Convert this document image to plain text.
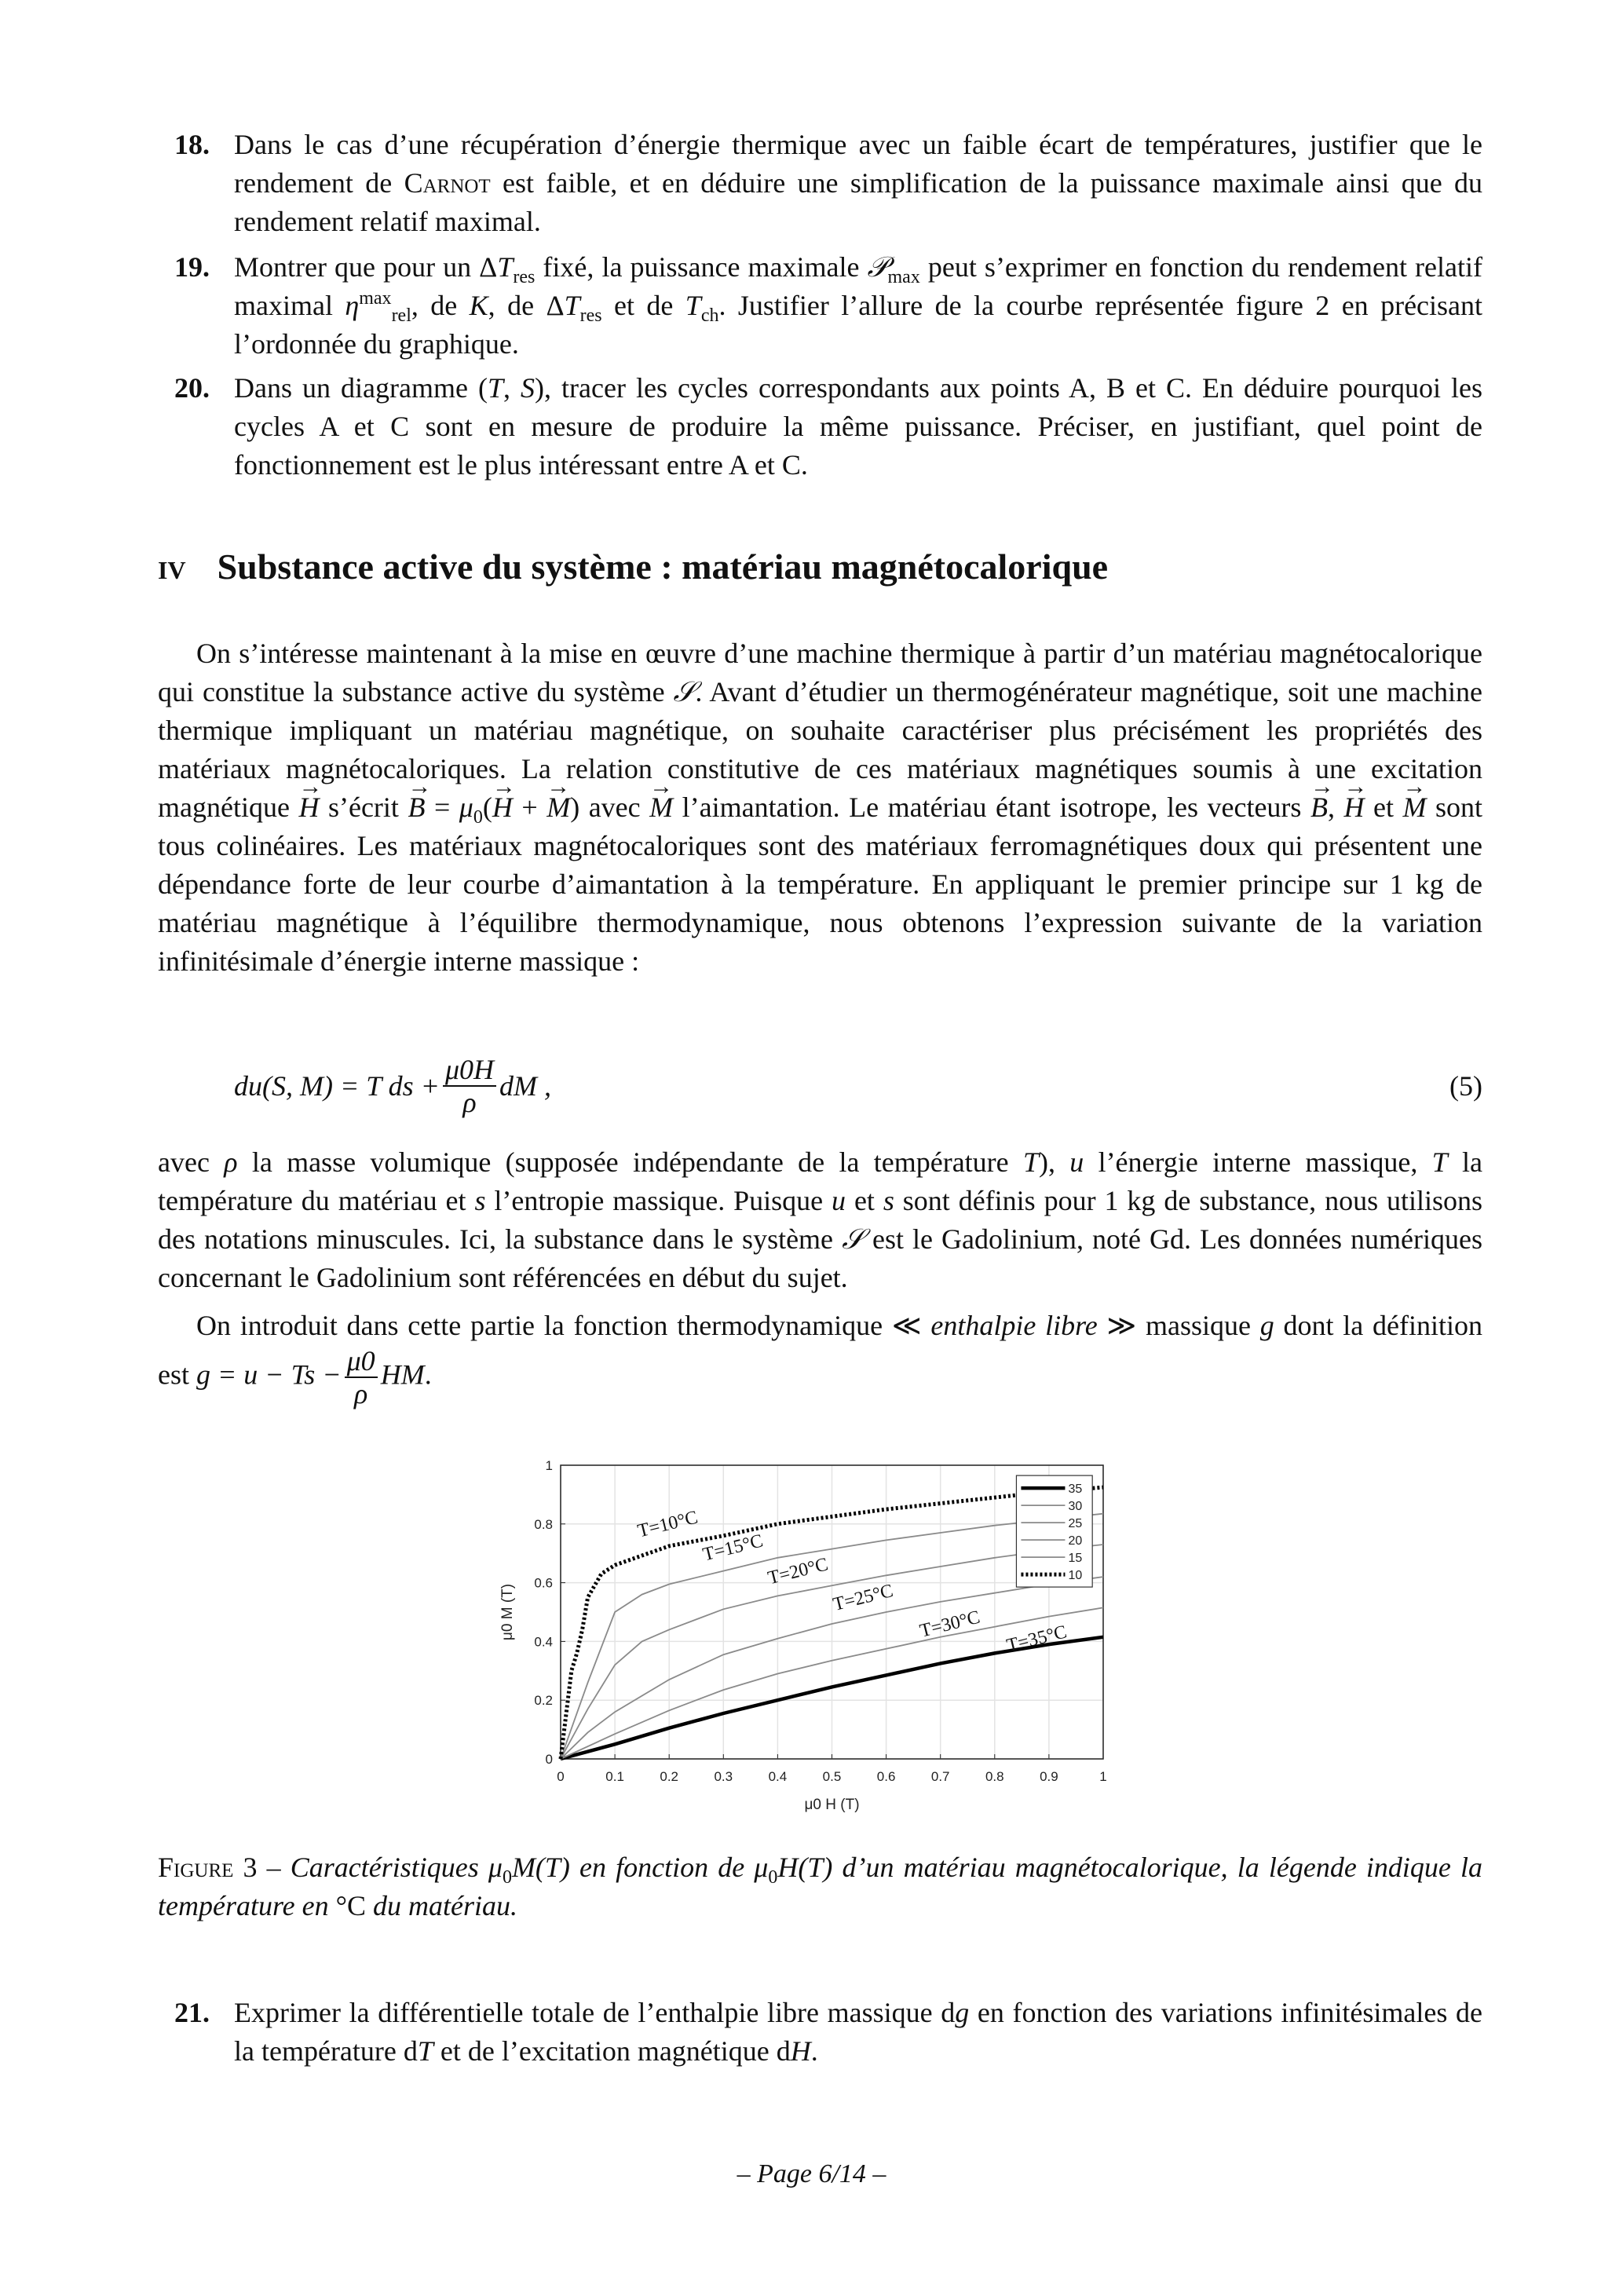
18. Dans le cas d’une récupération d’énergie thermique avec un faible écart de températures, justifier que le rendement de Carnot est faible, et en déduire une simplification de la puissance maximale ainsi que du rendement relatif maximal.
19. Montrer que pour un $\Delta T_{res}$ fixé, la puissance maximale 𝒫$_{max}$ peut s’exprimer en fonction du rendement relatif maximal $\eta^{max}_{rel}$, de K, de $\Delta T_{res}$ et de $T_{ch}$. Justifier l’allure de la courbe représentée figure 2 en précisant l’ordonnée du graphique.
20. Dans un diagramme (T, S), tracer les cycles correspondants aux points A, B et C. En déduire pourquoi les cycles A et C sont en mesure de produire la même puissance. Préciser, en justifiant, quel point de fonctionnement est le plus intéressant entre A et C.
iv Substance active du système : matériau magnétocalorique
On s’intéresse maintenant à la mise en œuvre d’une machine thermique à partir d’un matériau magnétocalorique qui constitue la substance active du système 𝒮. Avant d’étudier un thermogénérateur magnétique, soit une machine thermique impliquant un matériau magnétique, on souhaite caractériser plus précisément les propriétés des matériaux magnétocaloriques. La relation constitutive de ces matériaux magnétiques soumis à une excitation magnétique → H s’écrit → $B = \mu_0(\to H$ + → M) avec → M l’aimantation. Le matériau étant isotrope, les vecteurs → B, → H et → M sont tous colinéaires. Les matériaux magnétocaloriques sont des matériaux ferromagnétiques doux qui présentent une dépendance forte de leur courbe d’aimantation à la température. En appliquant le premier principe sur 1 kg de matériau magnétique à l’équilibre thermodynamique, nous obtenons l’expression suivante de la variation infinitésimale d’énergie interne massique :
du(S, M) = T ds + $\frac{\mu 0H}{\rho}$ dM ,	(5)
avec ρ la masse volumique (supposée indépendante de la température T), u l’énergie interne massique, T la température du matériau et s l’entropie massique. Puisque u et s sont définis pour 1 kg de substance, nous utilisons des notations minuscules. Ici, la substance dans le système 𝒮 est le Gadolinium, noté Gd. Les données numériques concernant le Gadolinium sont référencées en début du sujet.
On introduit dans cette partie la fonction thermodynamique ≪ enthalpie libre ≫ massique g dont la définition est $g = u - Ts - \frac{\mu 0}{\rho}$ HM.
0	0.1	0.2	0.3	0.4	0.5	0.6	0.7	0.8	0.9	1
0
0.2
0.4
0.6
0.8
1
T=35°C
T=30°C
T=25°C
T=20°C
T=15°C
T=10°C
35
30
25
20
15
10
μ0 H (T)
μ0 M (T)
Figure 3 – Caractéristiques $\mu_0M(T)$ en fonction de $\mu_0H(T)$ d’un matériau magnétocalorique, la légende indique la température en °C du matériau.
21. Exprimer la différentielle totale de l’enthalpie libre massique dg en fonction des variations infinitésimales de la température dT et de l’excitation magnétique dH.
– Page 6/14 –
